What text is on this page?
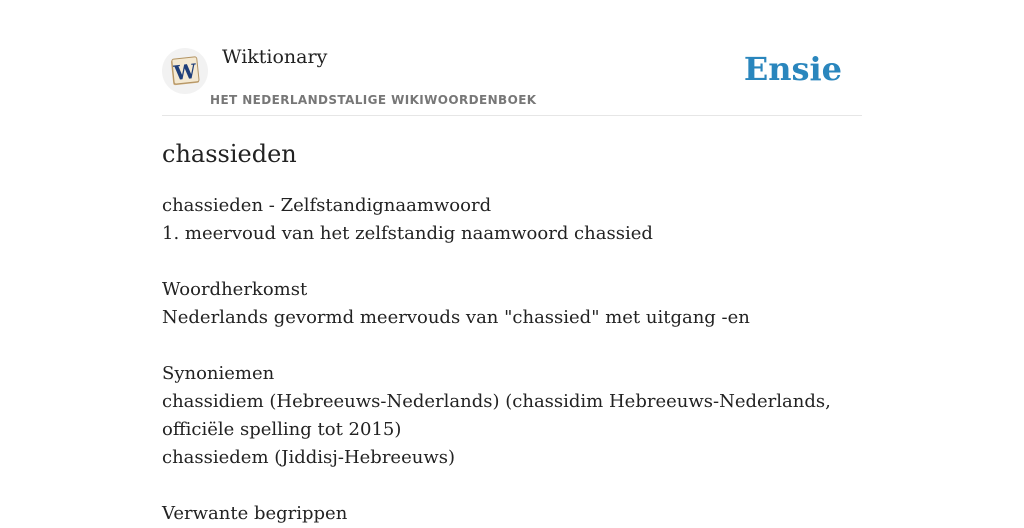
W
Wiktionary
HET NEDERLANDSTALIGE WIKIWOORDENBOEK
Ensie
chassieden

chassieden - Zelfstandignaamwoord

1. meervoud van het zelfstandig naamwoord chassied

Woordherkomst

Nederlands gevormd meervouds van "chassied" met uitgang -en

Synoniemen

chassidiem (Hebreeuws-Nederlands) (chassidim Hebreeuws-Nederlands, officiële spelling tot 2015)

chassiedem (Jiddisj-Hebreeuws)

Verwante begrippen
